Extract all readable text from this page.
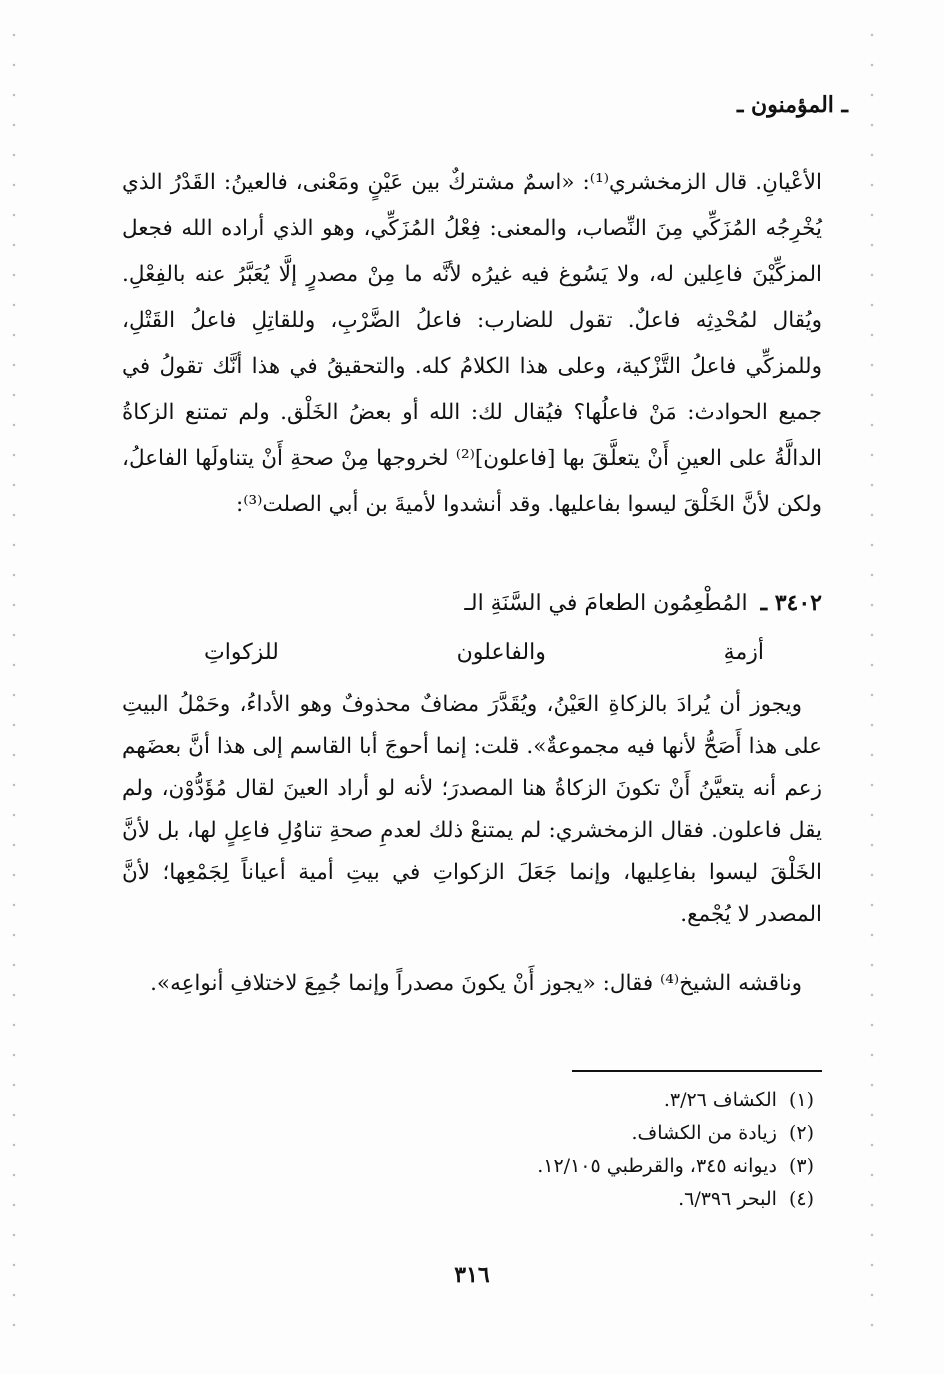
ـ المؤمنون ـ

الأعْيانِ. قال الزمخشري⁽¹⁾: «اسمٌ مشتركٌ بين عَيْنٍ ومَعْنى، فالعينُ: القَدْرُ الذي يُخْرِجُه المُزَكِّي مِنَ النِّصاب، والمعنى: فِعْلُ المُزَكِّي، وهو الذي أراده الله فجعل المزكِّيْنَ فاعِلين له، ولا يَسُوغ فيه غيرُه لأنَّه ما مِنْ مصدرٍ إلَّا يُعَبَّرُ عنه بالفِعْلِ. ويُقال لمُحْدِثِه فاعلٌ. تقول للضارب: فاعلُ الضَّرْبِ، وللقاتِلِ فاعلُ القَتْلِ، وللمزكِّي فاعلُ التَّزْكية، وعلى هذا الكلامُ كله. والتحقيقُ في هذا أنَّك تقولُ في جميع الحوادث: مَنْ فاعلُها؟ فيُقال لك: الله أو بعضُ الخَلْق. ولم تمتنع الزكاةُ الدالَّةُ على العينِ أَنْ يتعلَّقَ بها [فاعلون]⁽²⁾ لخروجها مِنْ صحةِ أَنْ يتناولَها الفاعلُ، ولكن لأنَّ الخَلْقَ ليسوا بفاعليها. وقد أنشدوا لأميةَ بن أبي الصلت⁽³⁾:

٣٤٠٢ ـ المُطْعِمُون الطعامَ في السَّنَةِ الـ
أزمةِ
والفاعلون
للزكواتِ

ويجوز أن يُرادَ بالزكاةِ العَيْنُ، ويُقَدَّرَ مضافٌ محذوفٌ وهو الأداءُ، وحَمْلُ البيتِ على هذا أَصَحُّ لأنها فيه مجموعةٌ». قلت: إنما أحوجَ أبا القاسم إلى هذا أنَّ بعضَهم زعم أنه يتعيَّنُ أَنْ تكونَ الزكاةُ هنا المصدرَ؛ لأنه لو أراد العينَ لقال مُؤَدُّوْن، ولم يقل فاعلون. فقال الزمخشري: لم يمتنعْ ذلك لعدمِ صحةِ تناوُلِ فاعِلٍ لها، بل لأنَّ الخَلْقَ ليسوا بفاعِليها، وإنما جَعَلَ الزكواتِ في بيتِ أمية أعياناً لِجَمْعِها؛ لأنَّ المصدر لا يُجْمع.

وناقشه الشيخ⁽⁴⁾ فقال: «يجوز أَنْ يكونَ مصدراً وإنما جُمِعَ لاختلافِ أنواعِه».

(١)الكشاف ٣/٢٦.
(٢)زيادة من الكشاف.
(٣)ديوانه ٣٤٥، والقرطبي ١٢/١٠٥.
(٤)البحر ٦/٣٩٦.
٣١٦
